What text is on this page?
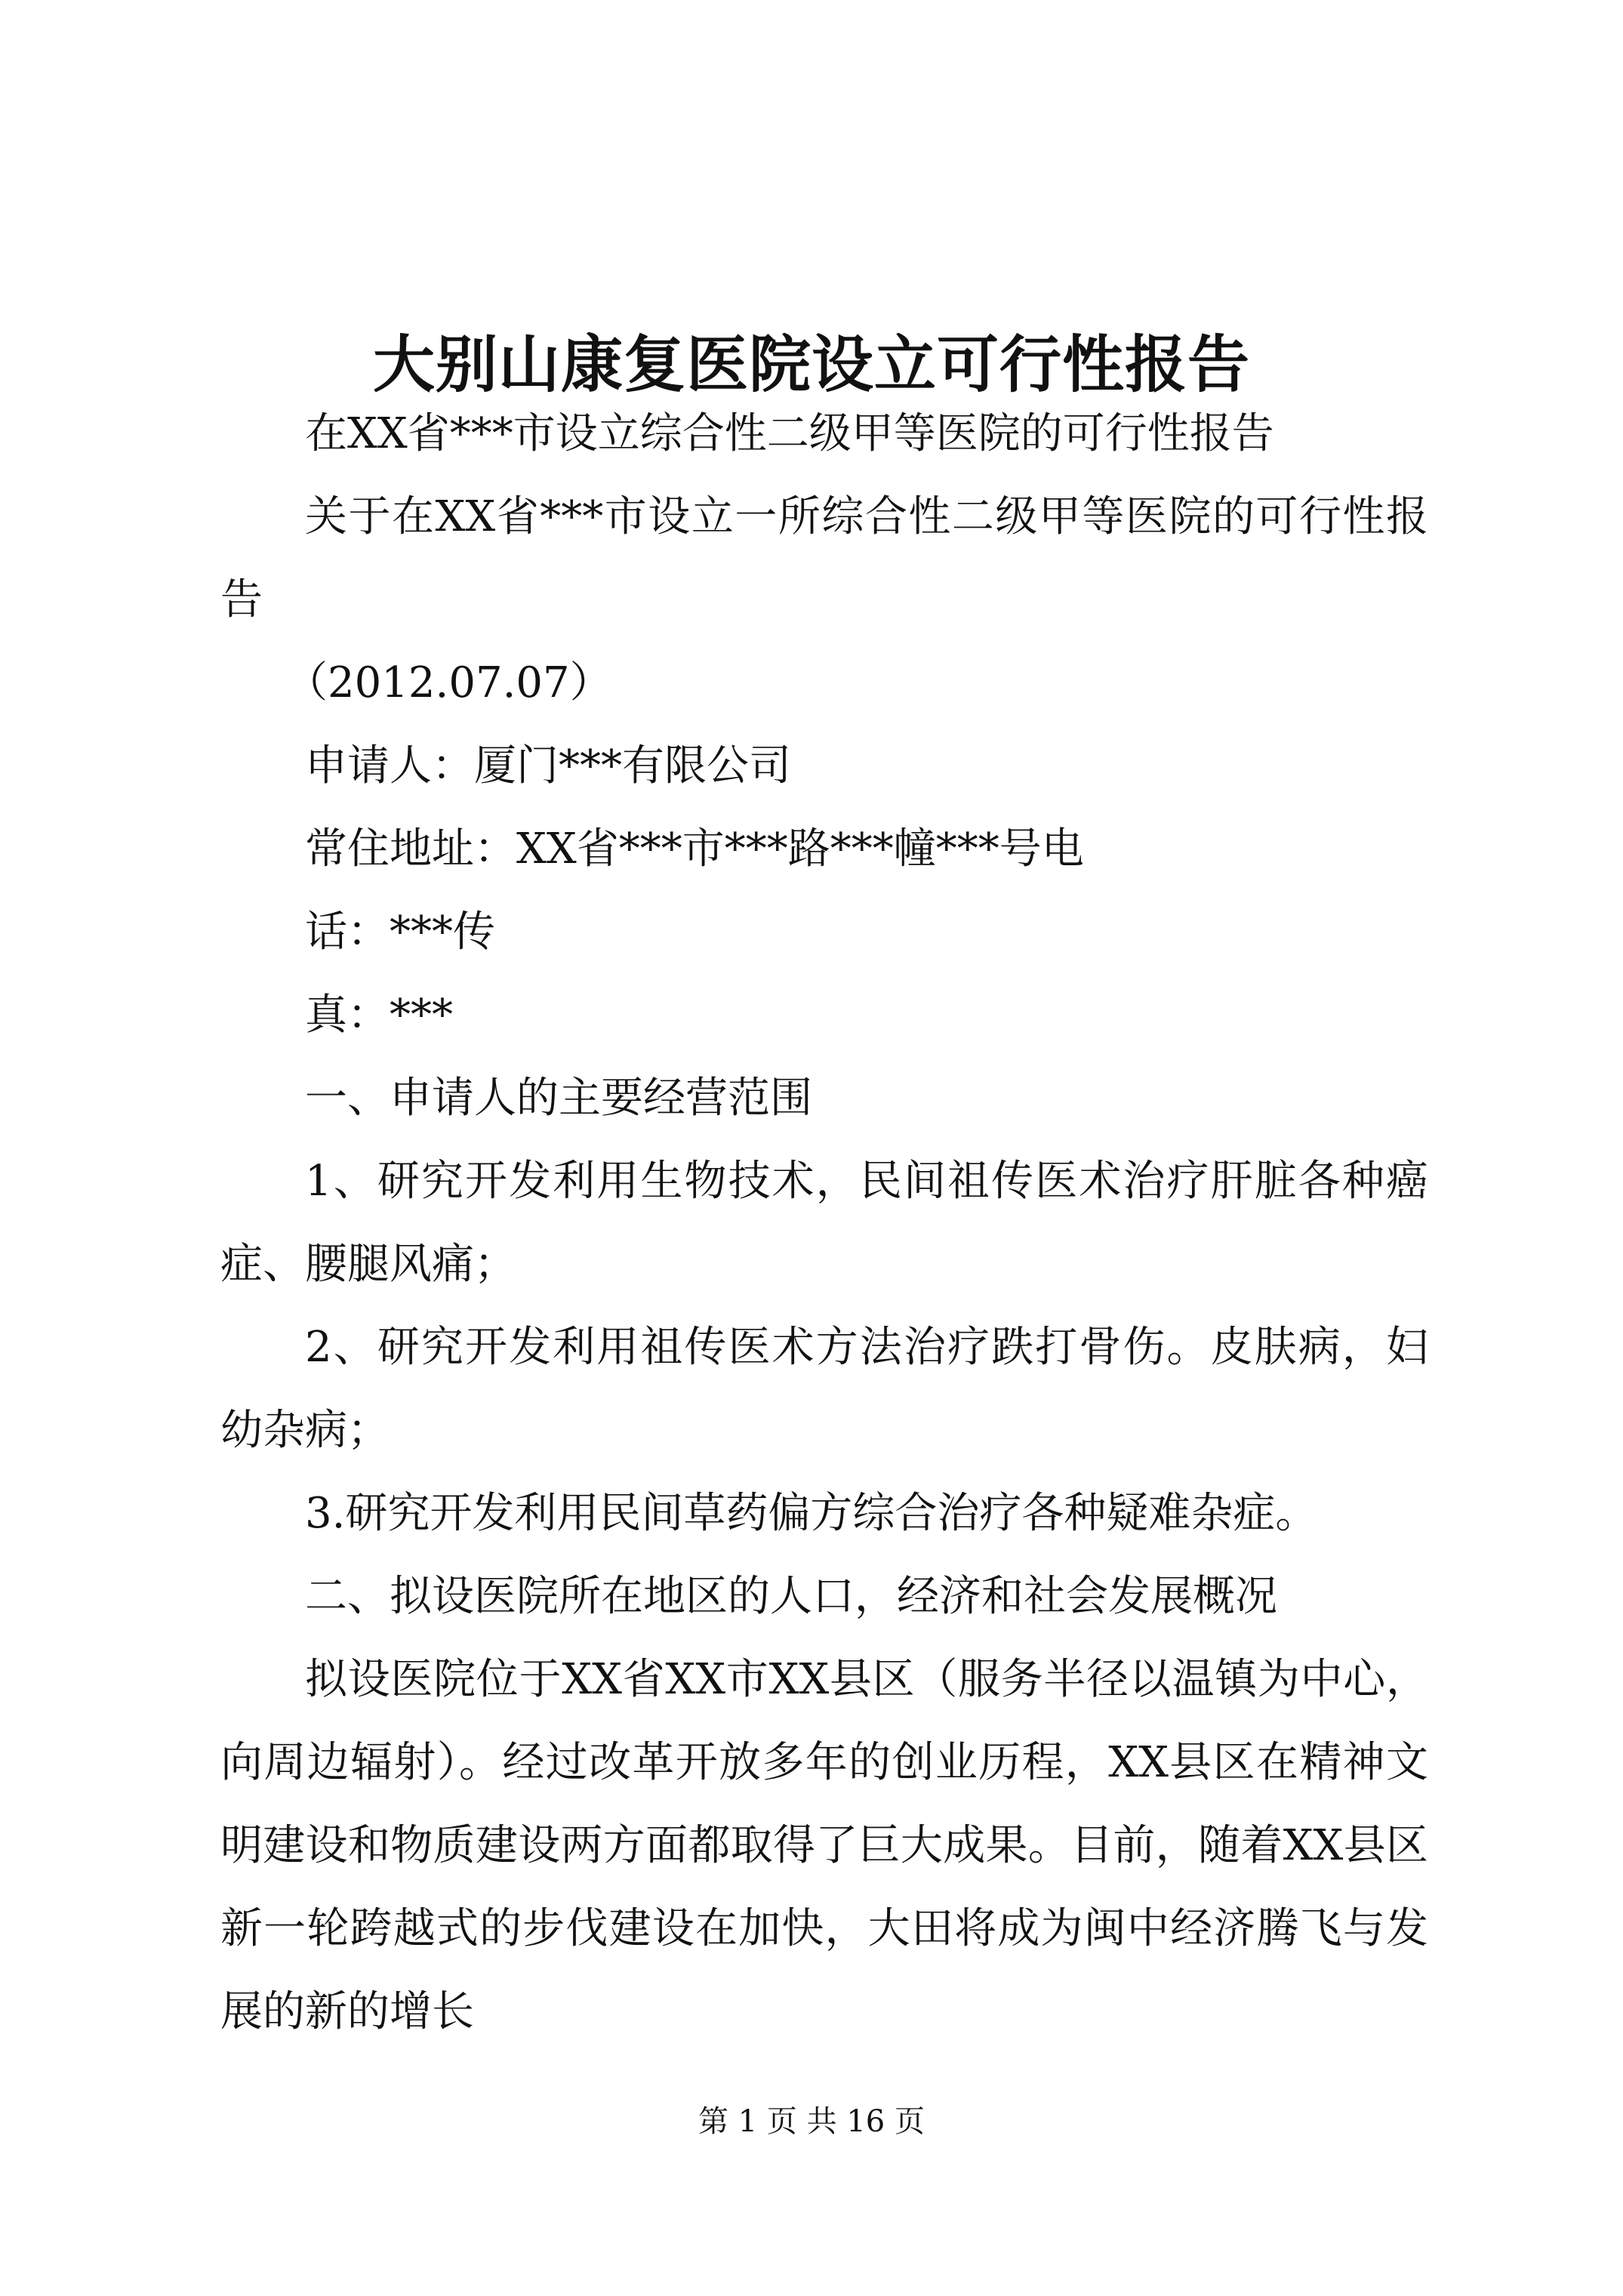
大别山康复医院设立可行性报告

在XX省***市设立综合性二级甲等医院的可行性报告

关于在XX省***市设立一所综合性二级甲等医院的可行性报告

（2012.07.07）

申请人：厦门***有限公司

常住地址：XX省***市***路***幢***号电

话：***传

真：***

一、申请人的主要经营范围

1、研究开发利用生物技术，民间祖传医术治疗肝脏各种癌症、腰腿风痛；

2、研究开发利用祖传医术方法治疗跌打骨伤。皮肤病，妇幼杂病；

3.研究开发利用民间草药偏方综合治疗各种疑难杂症。

二、拟设医院所在地区的人口，经济和社会发展概况

拟设医院位于XX省XX市XX县区（服务半径以温镇为中心，向周边辐射）。经过改革开放多年的创业历程，XX县区在精神文明建设和物质建设两方面都取得了巨大成果。目前，随着XX县区新一轮跨越式的步伐建设在加快，大田将成为闽中经济腾飞与发展的新的增长

第 1 页 共 16 页
